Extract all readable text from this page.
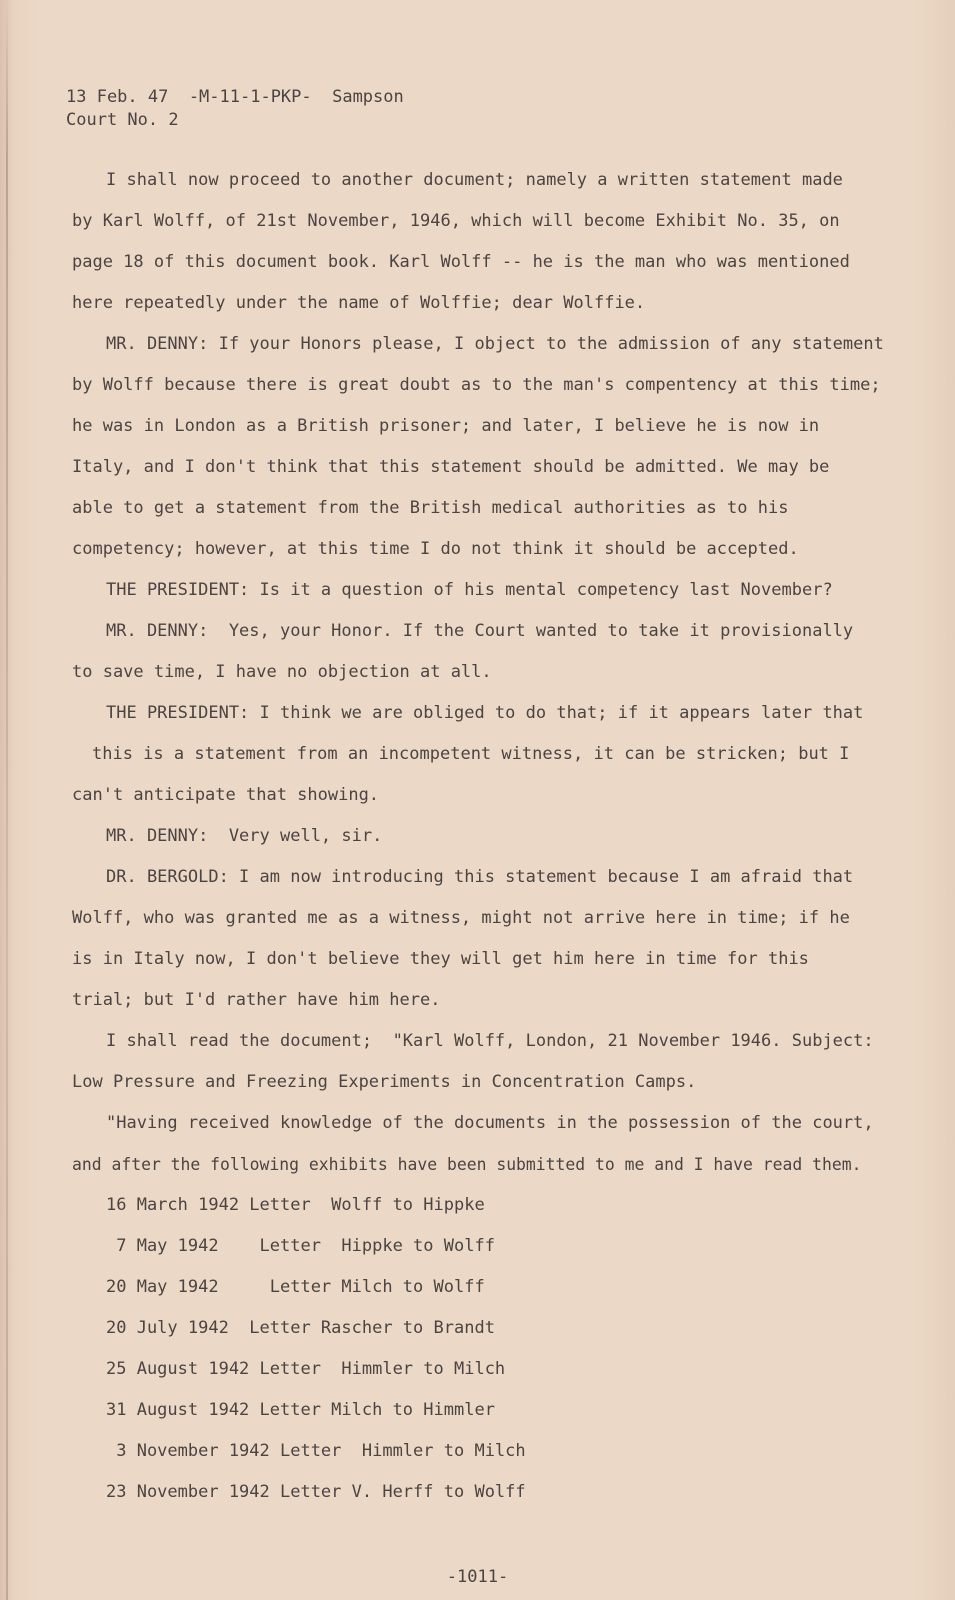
13 Feb. 47  -M-11-1-PKP-  Sampson
Court No. 2
I shall now proceed to another document; namely a written statement made
by Karl Wolff, of 21st November, 1946, which will become Exhibit No. 35, on
page 18 of this document book. Karl Wolff -- he is the man who was mentioned
here repeatedly under the name of Wolffie; dear Wolffie.
MR. DENNY: If your Honors please, I object to the admission of any statement
by Wolff because there is great doubt as to the man's compentency at this time;
he was in London as a British prisoner; and later, I believe he is now in
Italy, and I don't think that this statement should be admitted. We may be
able to get a statement from the British medical authorities as to his
competency; however, at this time I do not think it should be accepted.
THE PRESIDENT: Is it a question of his mental competency last November?
MR. DENNY:  Yes, your Honor. If the Court wanted to take it provisionally
to save time, I have no objection at all.
THE PRESIDENT: I think we are obliged to do that; if it appears later that
this is a statement from an incompetent witness, it can be stricken; but I
can't anticipate that showing.
MR. DENNY:  Very well, sir.
DR. BERGOLD: I am now introducing this statement because I am afraid that
Wolff, who was granted me as a witness, might not arrive here in time; if he
is in Italy now, I don't believe they will get him here in time for this
trial; but I'd rather have him here.
I shall read the document;  "Karl Wolff, London, 21 November 1946. Subject:
Low Pressure and Freezing Experiments in Concentration Camps.
"Having received knowledge of the documents in the possession of the court,
and after the following exhibits have been submitted to me and I have read them.
16 March 1942 Letter  Wolff to Hippke
7 May 1942    Letter  Hippke to Wolff
20 May 1942     Letter Milch to Wolff
20 July 1942  Letter Rascher to Brandt
25 August 1942 Letter  Himmler to Milch
31 August 1942 Letter Milch to Himmler
3 November 1942 Letter  Himmler to Milch
23 November 1942 Letter V. Herff to Wolff
-1011-
